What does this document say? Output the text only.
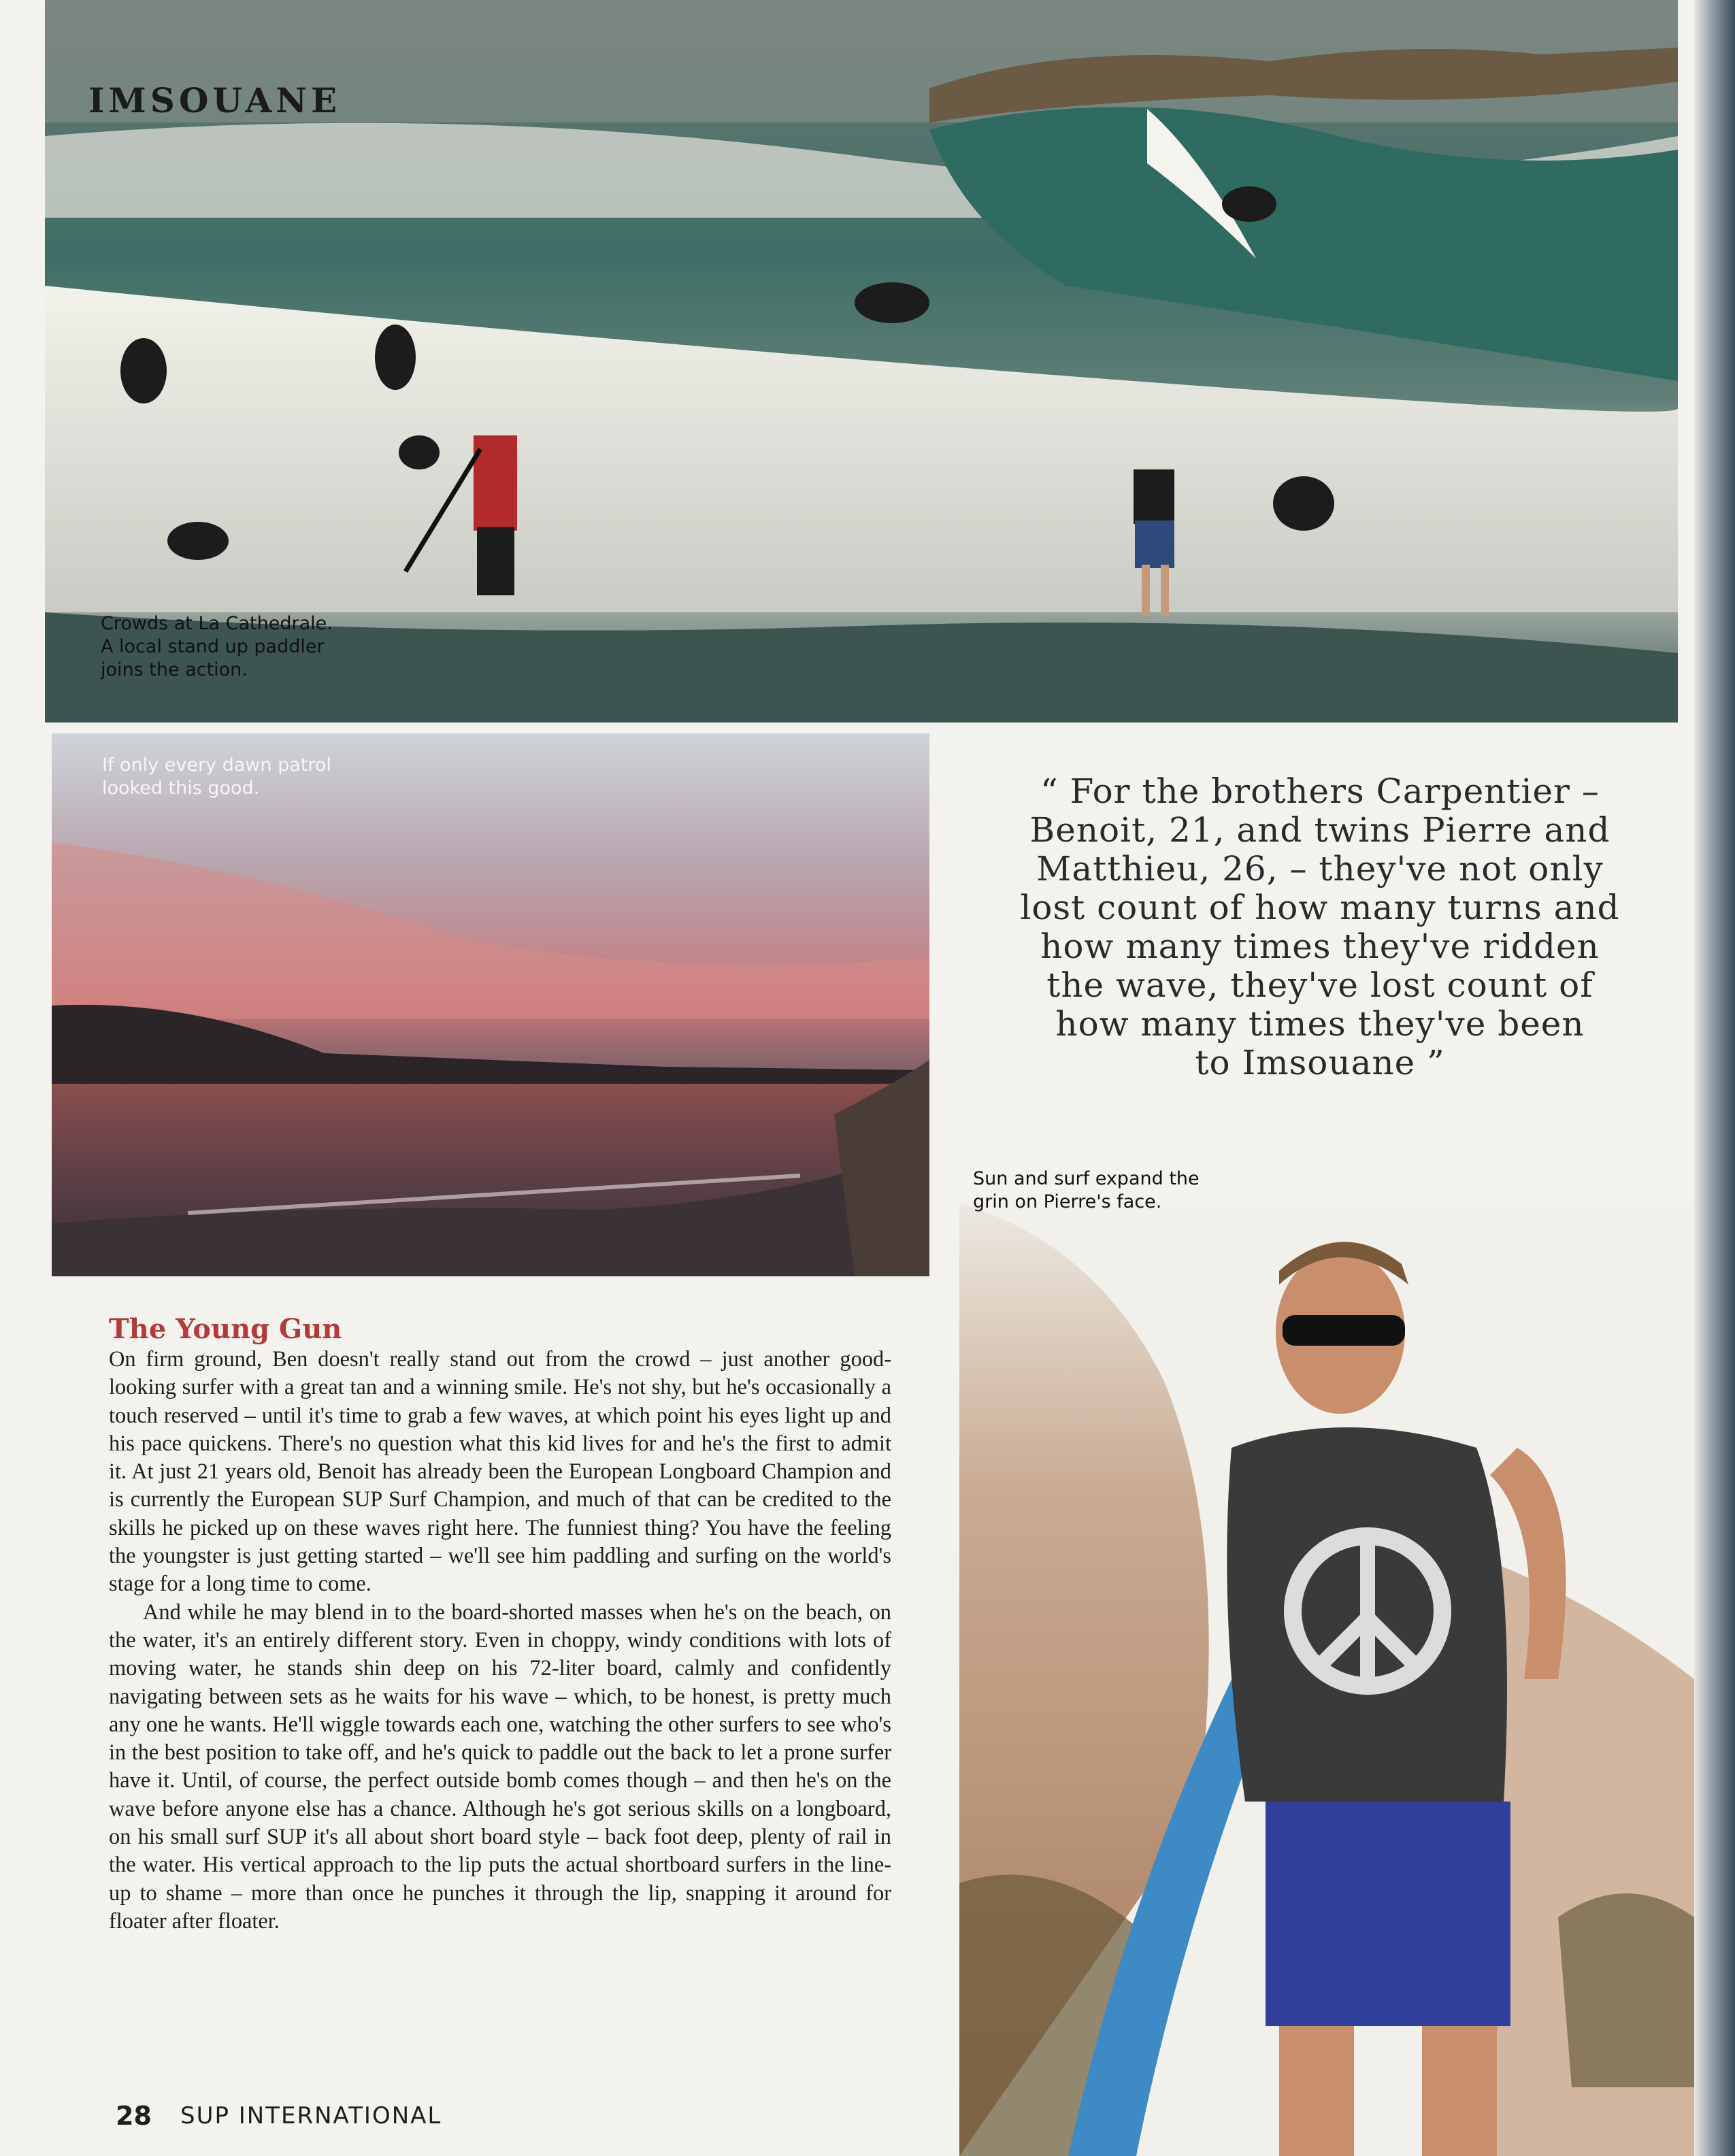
IMSOUANE
Crowds at La Cathedrale.
A local stand up paddler
joins the action.
If only every dawn patrol
looked this good.	“ For the brothers Carpentier –
Benoit, 21, and twins Pierre and
Matthieu, 26, – they've not only
lost count of how many turns and
how many times they've ridden
the wave, they've lost count of
how many times they've been
to Imsouane ”
Sun and surf expand the
grin on Pierre's face.
The Young Gun

On firm ground, Ben doesn't really stand out from the crowd – just another good-looking surfer with a great tan and a winning smile. He's not shy, but he's occasionally a touch reserved – until it's time to grab a few waves, at which point his eyes light up and his pace quickens. There's no question what this kid lives for and he's the first to admit it. At just 21 years old, Benoit has already been the European Longboard Champion and is currently the European SUP Surf Champion, and much of that can be credited to the skills he picked up on these waves right here. The funniest thing? You have the feeling the youngster is just getting started – we'll see him paddling and surfing on the world's stage for a long time to come.

And while he may blend in to the board-shorted masses when he's on the beach, on the water, it's an entirely different story. Even in choppy, windy conditions with lots of moving water, he stands shin deep on his 72-liter board, calmly and confidently navigating between sets as he waits for his wave – which, to be honest, is pretty much any one he wants. He'll wiggle towards each one, watching the other surfers to see who's in the best position to take off, and he's quick to paddle out the back to let a prone surfer have it. Until, of course, the perfect outside bomb comes though – and then he's on the wave before anyone else has a chance. Although he's got serious skills on a longboard, on his small surf SUP it's all about short board style – back foot deep, plenty of rail in the water. His vertical approach to the lip puts the actual shortboard surfers in the line-up to shame – more than once he punches it through the lip, snapping it around for floater after floater.

28 SUP INTERNATIONAL
